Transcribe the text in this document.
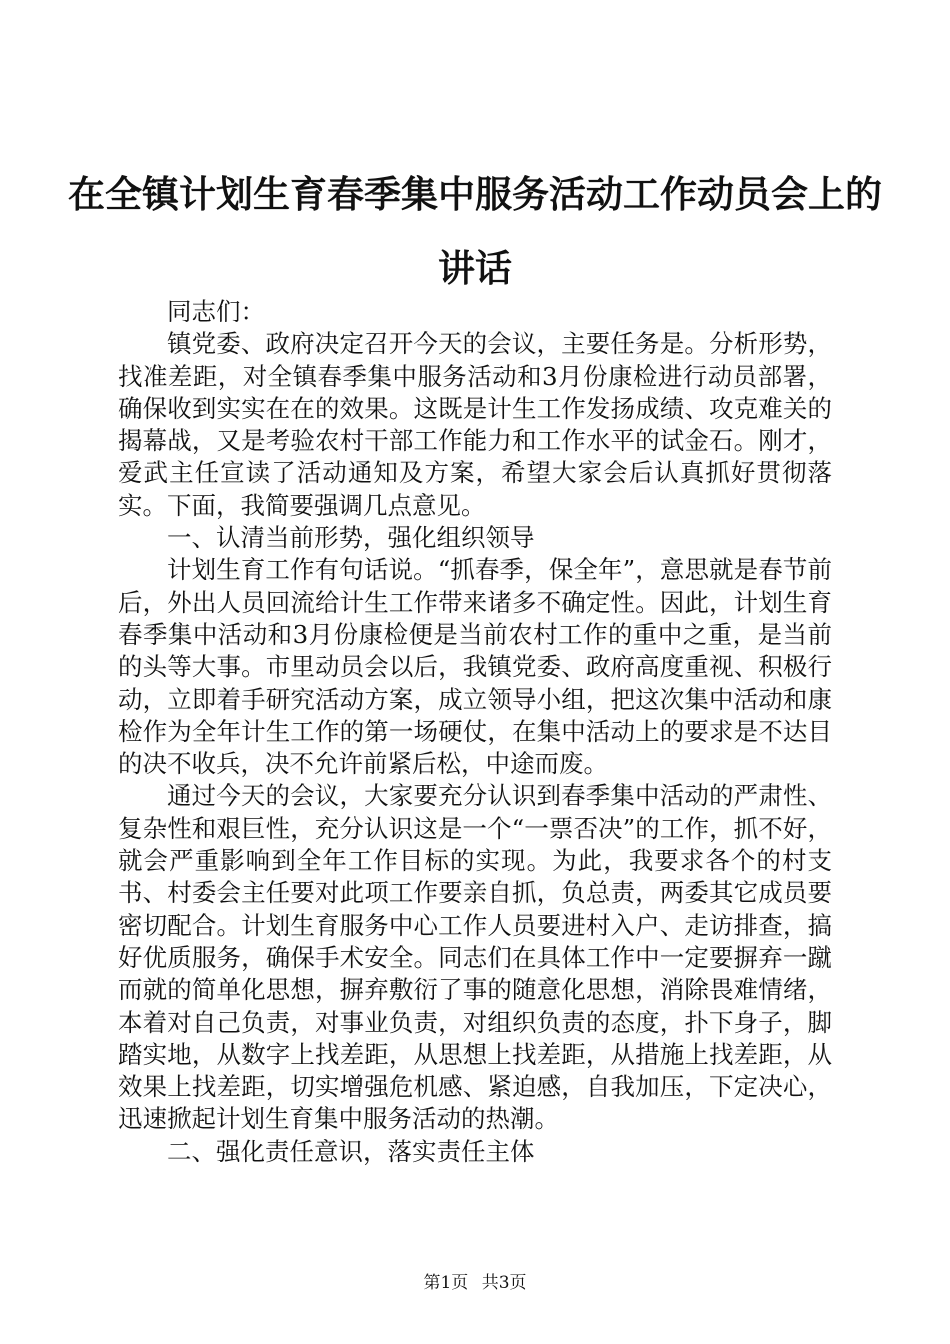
在全镇计划生育春季集中服务活动工作动员会上的讲话

同志们：

镇党委、政府决定召开今天的会议，主要任务是。分析形势，找准差距，对全镇春季集中服务活动和3月份康检进行动员部署，确保收到实实在在的效果。这既是计生工作发扬成绩、攻克难关的揭幕战，又是考验农村干部工作能力和工作水平的试金石。刚才，爱武主任宣读了活动通知及方案，希望大家会后认真抓好贯彻落实。下面，我简要强调几点意见。

一、认清当前形势，强化组织领导

计划生育工作有句话说。“抓春季，保全年”，意思就是春节前后，外出人员回流给计生工作带来诸多不确定性。因此，计划生育春季集中活动和3月份康检便是当前农村工作的重中之重，是当前的头等大事。市里动员会以后，我镇党委、政府高度重视、积极行动，立即着手研究活动方案，成立领导小组，把这次集中活动和康检作为全年计生工作的第一场硬仗，在集中活动上的要求是不达目的决不收兵，决不允许前紧后松，中途而废。

通过今天的会议，大家要充分认识到春季集中活动的严肃性、复杂性和艰巨性，充分认识这是一个“一票否决”的工作，抓不好，就会严重影响到全年工作目标的实现。为此，我要求各个的村支书、村委会主任要对此项工作要亲自抓，负总责，两委其它成员要密切配合。计划生育服务中心工作人员要进村入户、走访排查，搞好优质服务，确保手术安全。同志们在具体工作中一定要摒弃一蹴而就的简单化思想，摒弃敷衍了事的随意化思想，消除畏难情绪，本着对自己负责，对事业负责，对组织负责的态度，扑下身子，脚踏实地，从数字上找差距，从思想上找差距，从措施上找差距，从效果上找差距，切实增强危机感、紧迫感，自我加压，下定决心，迅速掀起计划生育集中服务活动的热潮。

二、强化责任意识，落实责任主体

第1页 共3页
